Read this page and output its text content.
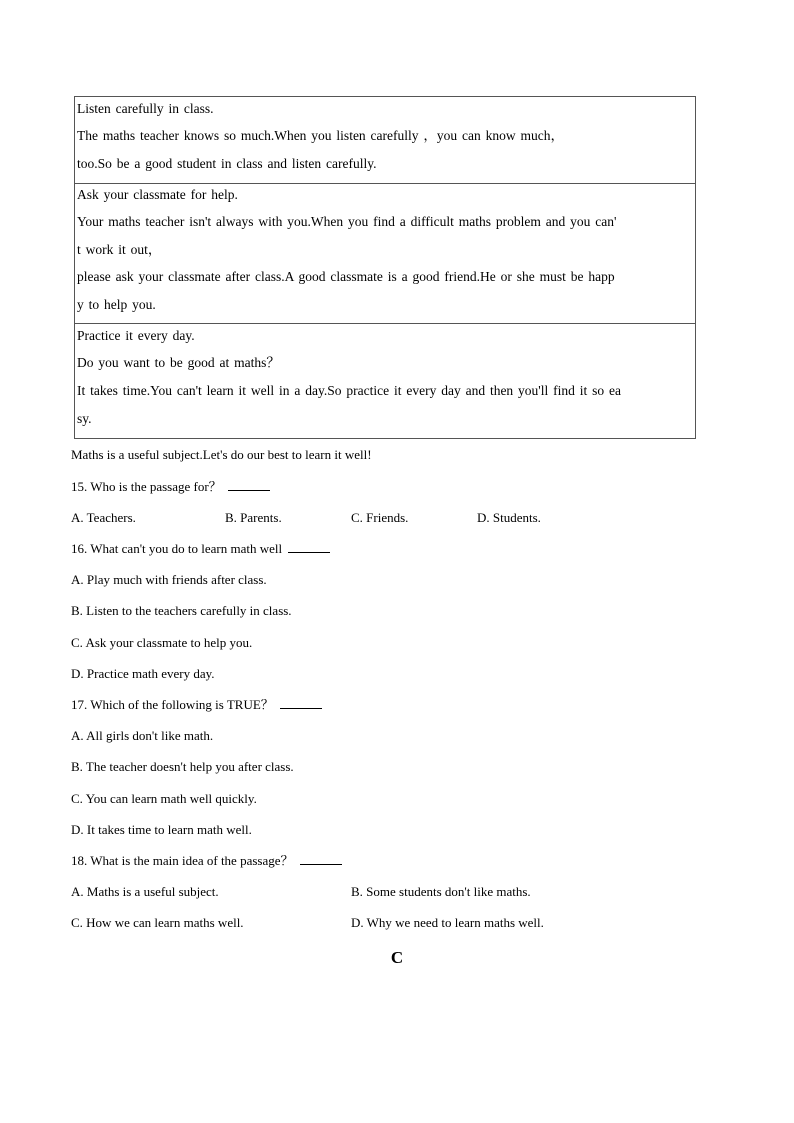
Listen carefully in class.
The maths teacher knows so much.When you listen carefully ，you can know much，
too.So be a good student in class and listen carefully.
Ask your classmate for help.
Your maths teacher isn't always with you.When you find a difficult maths problem and you can'
t work it out，
please ask your classmate after class.A good classmate is a good friend.He or she must be happ
y to help you.
Practice it every day.
Do you want to be good at maths？
It takes time.You can't learn it well in a day.So practice it every day and then you'll find it so ea
sy.
Maths is a useful subject.Let's do our best to learn it well!
15. Who is the passage for？
A. Teachers.	B. Parents.	C. Friends.	D. Students.
16. What can't you do to learn math well
A. Play much with friends after class.
B. Listen to the teachers carefully in class.
C. Ask your classmate to help you.
D. Practice math every day.
17. Which of the following is TRUE？
A. All girls don't like math.
B. The teacher doesn't help you after class.
C. You can learn math well quickly.
D. It takes time to learn math well.
18. What is the main idea of the passage？
A. Maths is a useful subject.	B. Some students don't like maths.
C. How we can learn maths well.	D. Why we need to learn maths well.
C
